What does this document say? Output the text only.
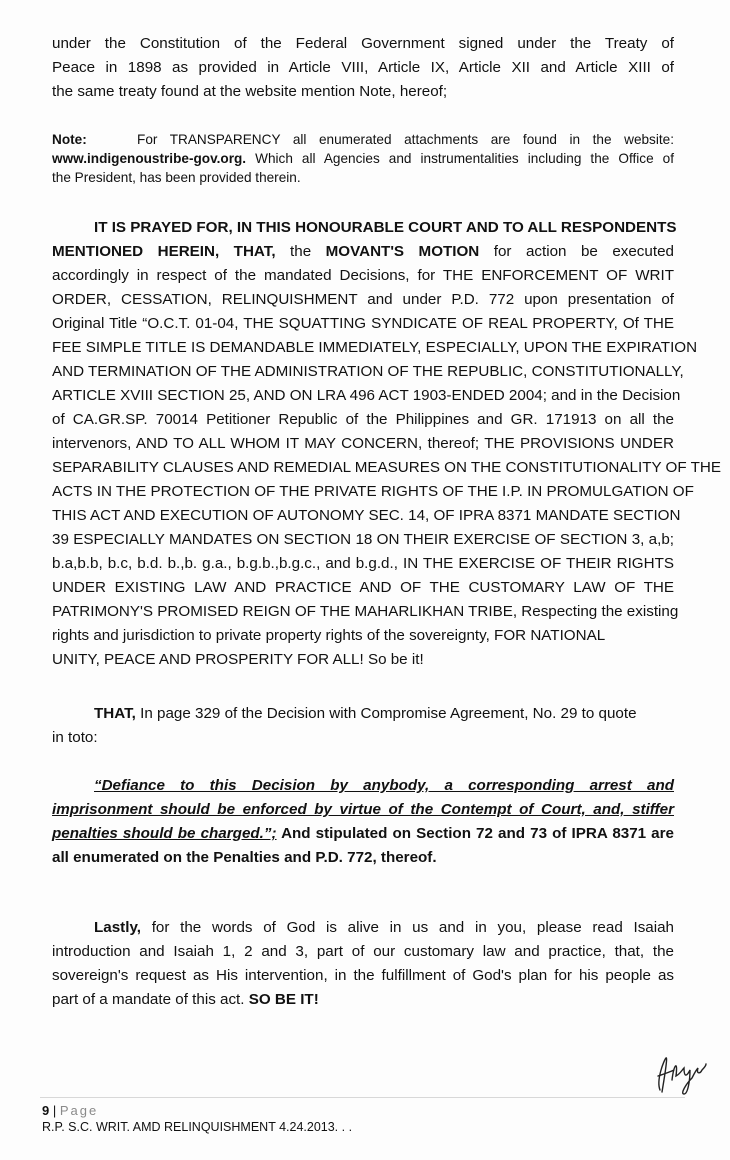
under the Constitution of the Federal Government signed under the Treaty of
Peace in 1898 as provided in Article VIII, Article IX, Article XII and Article XIII of
the same treaty found at the website mention Note, hereof;
Note:	For TRANSPARENCY all enumerated attachments are found in the website:
www.indigenoustribe-gov.org. Which all Agencies and instrumentalities including the Office of
the President, has been provided therein.
IT IS PRAYED FOR, IN THIS HONOURABLE COURT AND TO ALL RESPONDENTS
MENTIONED HEREIN, THAT, the MOVANT'S MOTION for action be executed
accordingly in respect of the mandated Decisions, for THE ENFORCEMENT OF WRIT
ORDER, CESSATION, RELINQUISHMENT and under P.D. 772 upon presentation of
Original Title “O.C.T. 01-04, THE SQUATTING SYNDICATE OF REAL PROPERTY, Of THE
FEE SIMPLE TITLE IS DEMANDABLE IMMEDIATELY, ESPECIALLY, UPON THE EXPIRATION
AND TERMINATION OF THE ADMINISTRATION OF THE REPUBLIC, CONSTITUTIONALLY,
ARTICLE XVIII SECTION 25, AND ON LRA 496 ACT 1903-ENDED 2004; and in the Decision
of CA.GR.SP. 70014 Petitioner Republic of the Philippines and GR. 171913 on all the
intervenors, AND TO ALL WHOM IT MAY CONCERN, thereof; THE PROVISIONS UNDER
SEPARABILITY CLAUSES AND REMEDIAL MEASURES ON THE CONSTITUTIONALITY OF THE
ACTS IN THE PROTECTION OF THE PRIVATE RIGHTS OF THE I.P. IN PROMULGATION OF
THIS ACT AND EXECUTION OF AUTONOMY SEC. 14, OF IPRA 8371 MANDATE SECTION
39 ESPECIALLY MANDATES ON SECTION 18 ON THEIR EXERCISE OF SECTION 3, a,b;
b.a,b.b, b.c, b.d. b.,b. g.a., b.g.b.,b.g.c., and b.g.d., IN THE EXERCISE OF THEIR RIGHTS
UNDER EXISTING LAW AND PRACTICE AND OF THE CUSTOMARY LAW OF THE
PATRIMONY'S PROMISED REIGN OF THE MAHARLIKHAN TRIBE, Respecting the existing
rights and jurisdiction to private property rights of the sovereignty, FOR NATIONAL
UNITY, PEACE AND PROSPERITY FOR ALL! So be it!
THAT, In page 329 of the Decision with Compromise Agreement, No. 29 to quote
in toto:
“Defiance to this Decision by anybody, a corresponding arrest and
imprisonment should be enforced by virtue of the Contempt of Court, and, stiffer
penalties should be charged.”; And stipulated on Section 72 and 73 of IPRA 8371 are
all enumerated on the Penalties and P.D. 772, thereof.
Lastly, for the words of God is alive in us and in you, please read Isaiah
introduction and Isaiah 1, 2 and 3, part of our customary law and practice, that, the
sovereign's request as His intervention, in the fulfillment of God's plan for his people as
part of a mandate of this act. SO BE IT!
9 | Page
R.P. S.C. WRIT. AMD RELINQUISHMENT 4.24.2013. . .
